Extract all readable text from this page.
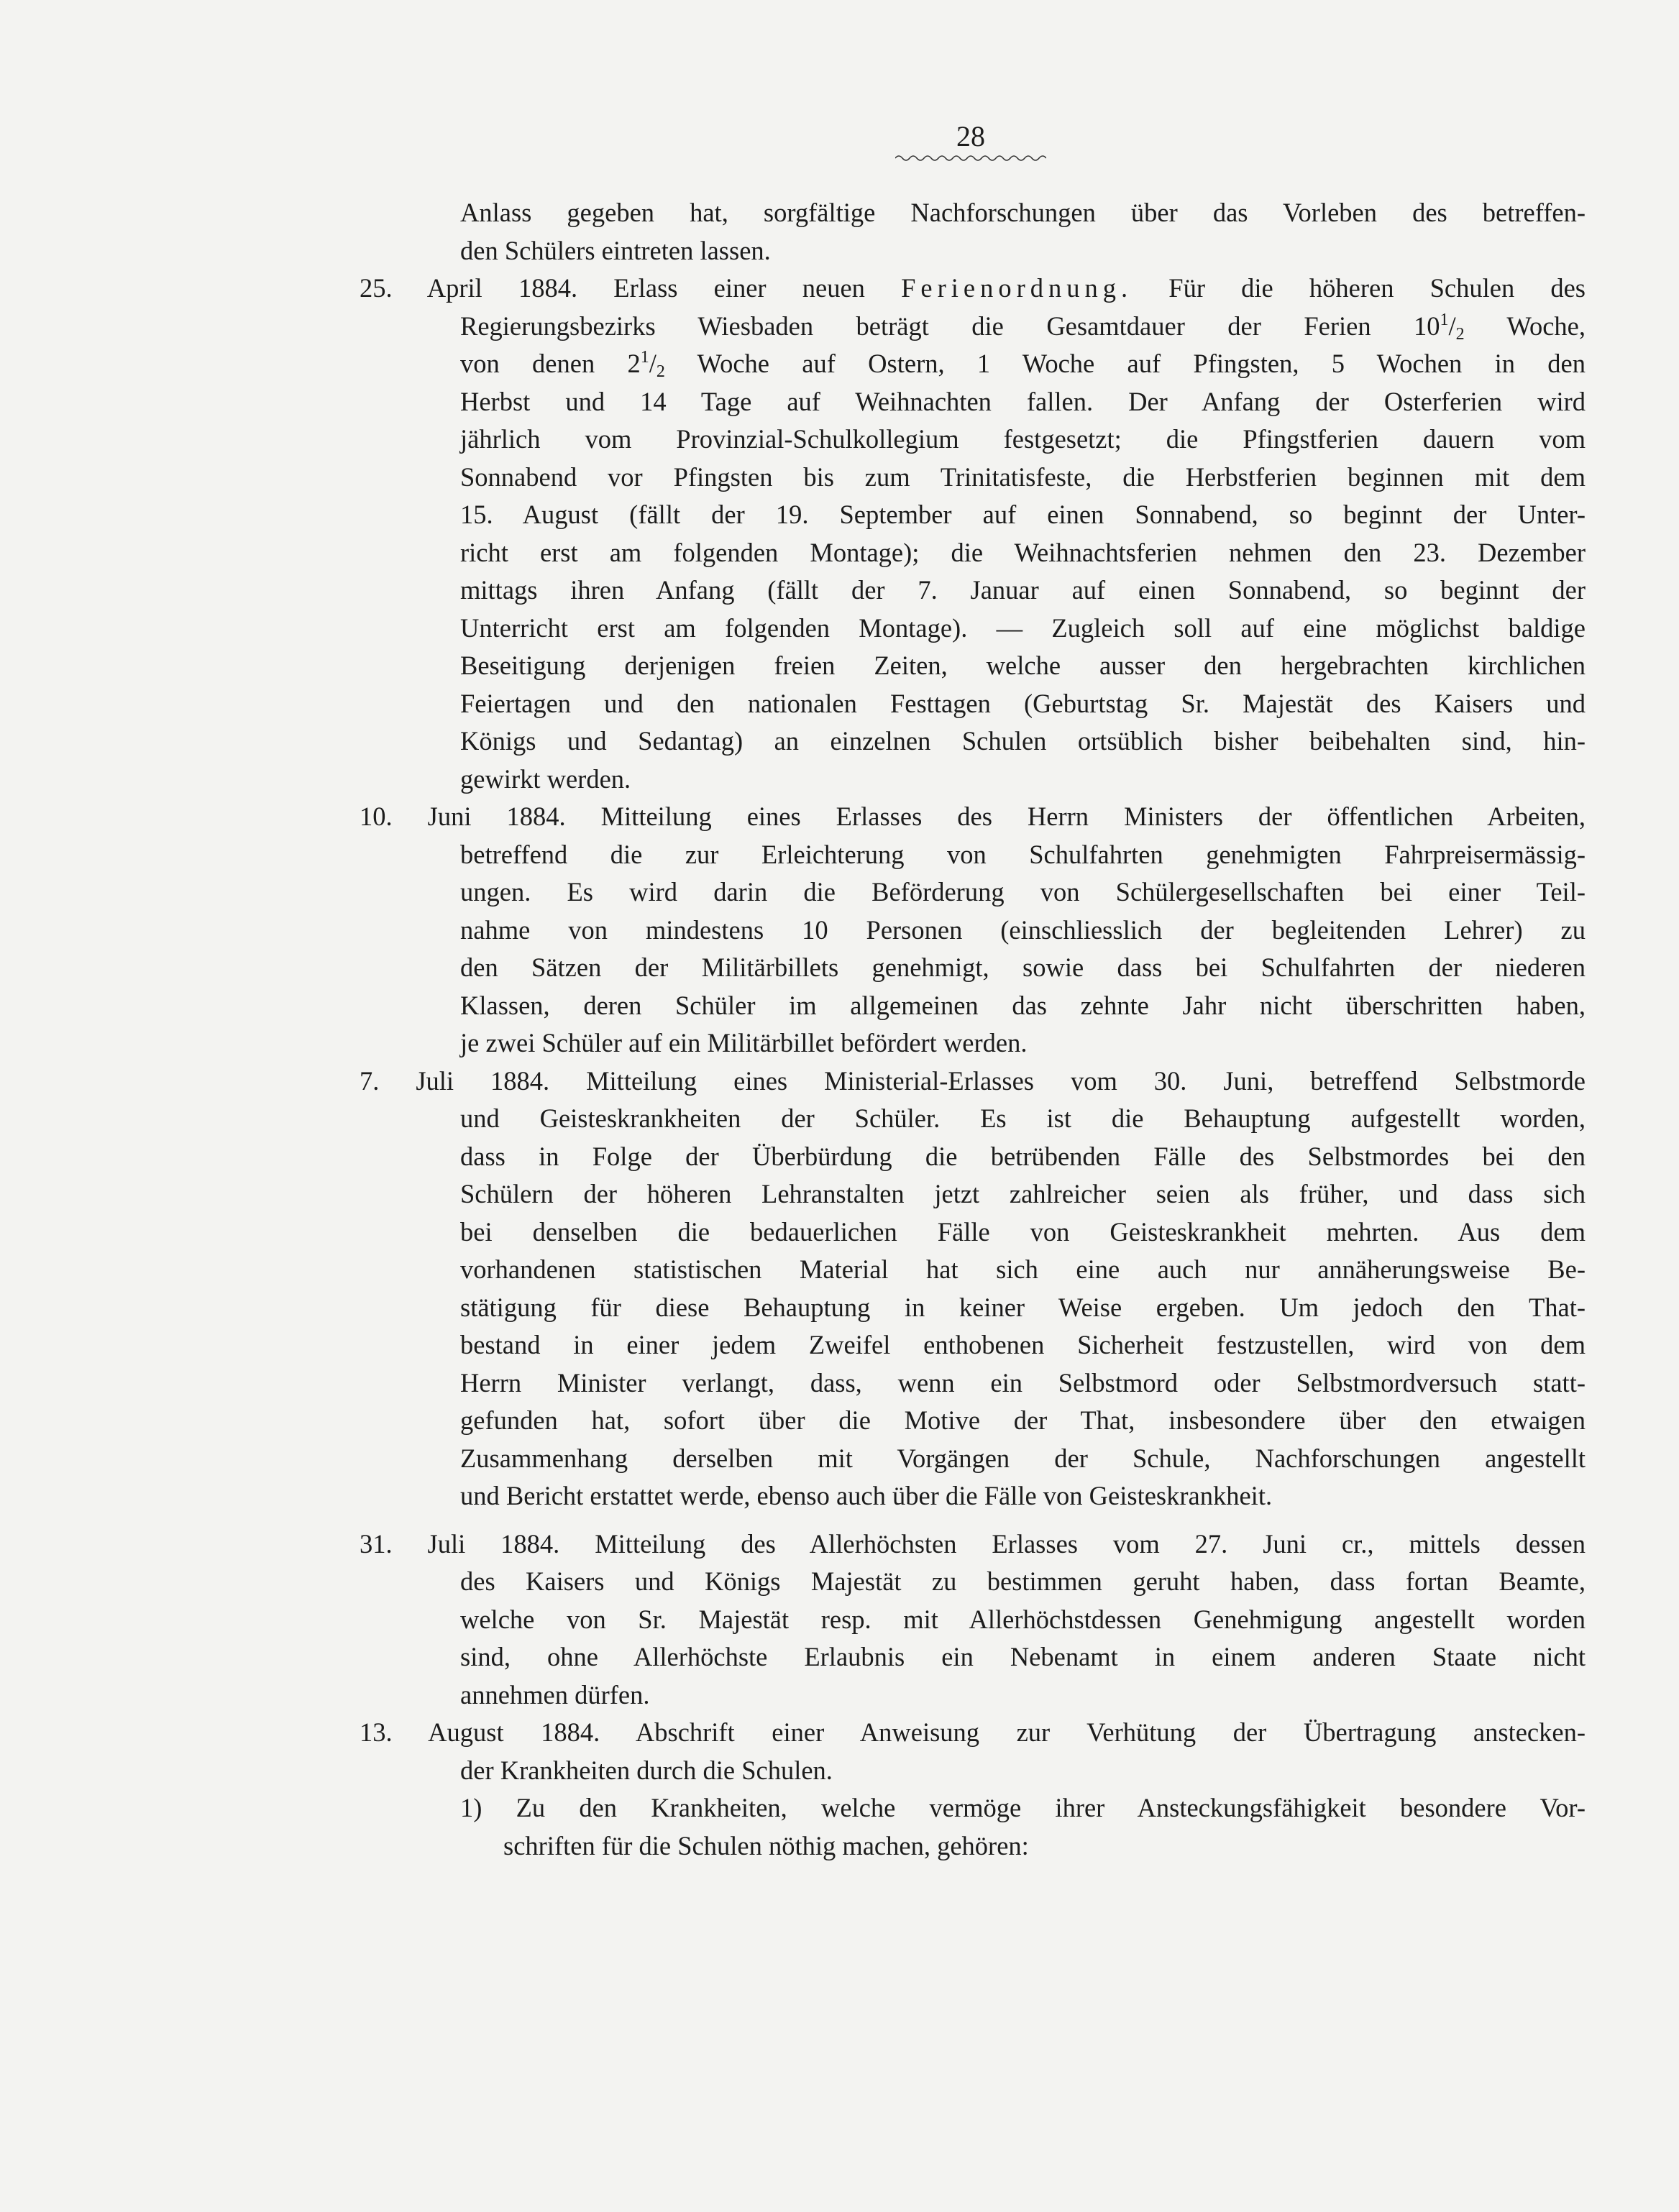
28
Anlass gegeben hat, sorgfältige Nachforschungen über das Vorleben des betreffen-
den Schülers eintreten lassen.
25. April 1884. Erlass einer neuen Ferienordnung. Für die höheren Schulen des
Regierungsbezirks Wiesbaden beträgt die Gesamtdauer der Ferien $10^1/_2$ Woche,
von denen $2^1/_2$ Woche auf Ostern, 1 Woche auf Pfingsten, 5 Wochen in den
Herbst und 14 Tage auf Weihnachten fallen. Der Anfang der Osterferien wird
jährlich vom Provinzial-Schulkollegium festgesetzt; die Pfingstferien dauern vom
Sonnabend vor Pfingsten bis zum Trinitatisfeste, die Herbstferien beginnen mit dem
15. August (fällt der 19. September auf einen Sonnabend, so beginnt der Unter-
richt erst am folgenden Montage); die Weihnachtsferien nehmen den 23. Dezember
mittags ihren Anfang (fällt der 7. Januar auf einen Sonnabend, so beginnt der
Unterricht erst am folgenden Montage). — Zugleich soll auf eine möglichst baldige
Beseitigung derjenigen freien Zeiten, welche ausser den hergebrachten kirchlichen
Feiertagen und den nationalen Festtagen (Geburtstag Sr. Majestät des Kaisers und
Königs und Sedantag) an einzelnen Schulen ortsüblich bisher beibehalten sind, hin-
gewirkt werden.
10. Juni 1884. Mitteilung eines Erlasses des Herrn Ministers der öffentlichen Arbeiten,
betreffend die zur Erleichterung von Schulfahrten genehmigten Fahrpreisermässig-
ungen. Es wird darin die Beförderung von Schülergesellschaften bei einer Teil-
nahme von mindestens 10 Personen (einschliesslich der begleitenden Lehrer) zu
den Sätzen der Militärbillets genehmigt, sowie dass bei Schulfahrten der niederen
Klassen, deren Schüler im allgemeinen das zehnte Jahr nicht überschritten haben,
je zwei Schüler auf ein Militärbillet befördert werden.
7. Juli 1884. Mitteilung eines Ministerial-Erlasses vom 30. Juni, betreffend Selbstmorde
und Geisteskrankheiten der Schüler. Es ist die Behauptung aufgestellt worden,
dass in Folge der Überbürdung die betrübenden Fälle des Selbstmordes bei den
Schülern der höheren Lehranstalten jetzt zahlreicher seien als früher, und dass sich
bei denselben die bedauerlichen Fälle von Geisteskrankheit mehrten. Aus dem
vorhandenen statistischen Material hat sich eine auch nur annäherungsweise Be-
stätigung für diese Behauptung in keiner Weise ergeben. Um jedoch den That-
bestand in einer jedem Zweifel enthobenen Sicherheit festzustellen, wird von dem
Herrn Minister verlangt, dass, wenn ein Selbstmord oder Selbstmordversuch statt-
gefunden hat, sofort über die Motive der That, insbesondere über den etwaigen
Zusammenhang derselben mit Vorgängen der Schule, Nachforschungen angestellt
und Bericht erstattet werde, ebenso auch über die Fälle von Geisteskrankheit.
31. Juli 1884. Mitteilung des Allerhöchsten Erlasses vom 27. Juni cr., mittels dessen
des Kaisers und Königs Majestät zu bestimmen geruht haben, dass fortan Beamte,
welche von Sr. Majestät resp. mit Allerhöchstdessen Genehmigung angestellt worden
sind, ohne Allerhöchste Erlaubnis ein Nebenamt in einem anderen Staate nicht
annehmen dürfen.
13. August 1884. Abschrift einer Anweisung zur Verhütung der Übertragung anstecken-
der Krankheiten durch die Schulen.
1) Zu den Krankheiten, welche vermöge ihrer Ansteckungsfähigkeit besondere Vor-
schriften für die Schulen nöthig machen, gehören:
